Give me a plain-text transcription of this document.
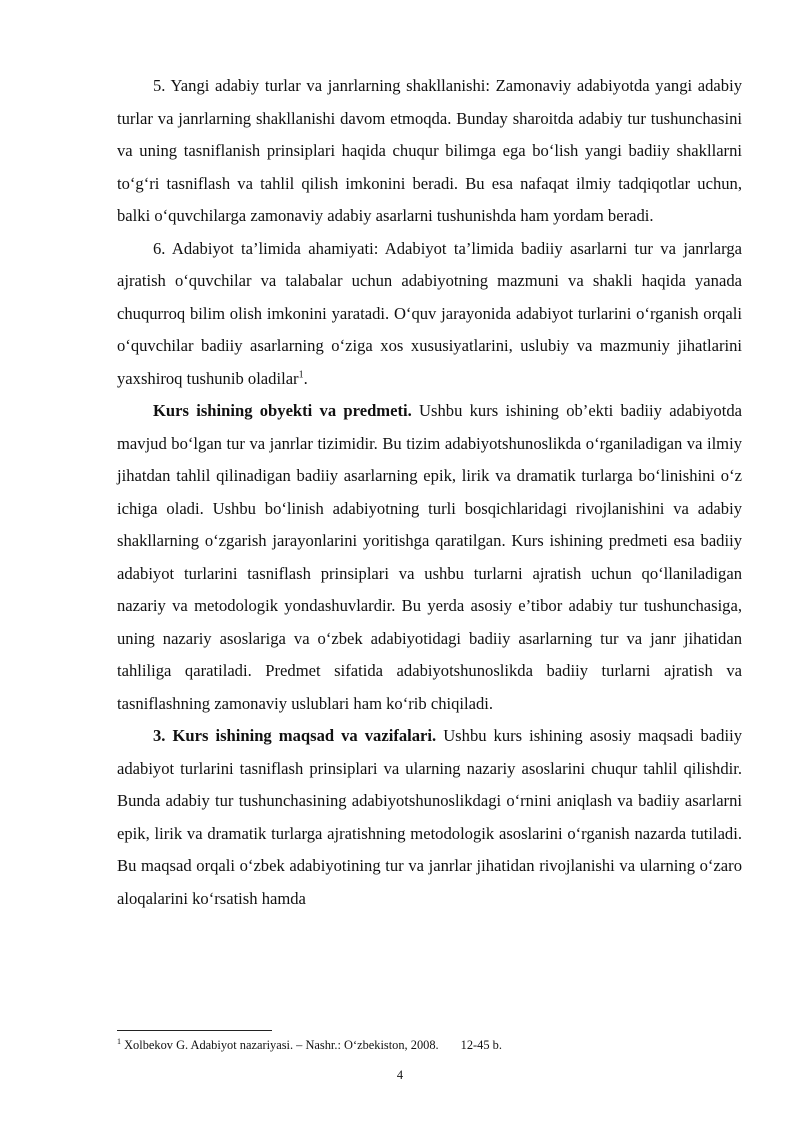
5. Yangi adabiy turlar va janrlarning shakllanishi: Zamonaviy adabiyotda yangi adabiy turlar va janrlarning shakllanishi davom etmoqda. Bunday sharoitda adabiy tur tushunchasini va uning tasniflanish prinsiplari haqida chuqur bilimga ega bo‘lish yangi badiiy shakllarni to‘g‘ri tasniflash va tahlil qilish imkonini beradi. Bu esa nafaqat ilmiy tadqiqotlar uchun, balki o‘quvchilarga zamonaviy adabiy asarlarni tushunishda ham yordam beradi.

6. Adabiyot ta’limida ahamiyati: Adabiyot ta’limida badiiy asarlarni tur va janrlarga ajratish o‘quvchilar va talabalar uchun adabiyotning mazmuni va shakli haqida yanada chuqurroq bilim olish imkonini yaratadi. O‘quv jarayonida adabiyot turlarini o‘rganish orqali o‘quvchilar badiiy asarlarning o‘ziga xos xususiyatlarini, uslubiy va mazmuniy jihatlarini yaxshiroq tushunib oladilar$^1$.

Kurs ishining obyekti va predmeti. Ushbu kurs ishining ob’ekti badiiy adabiyotda mavjud bo‘lgan tur va janrlar tizimidir. Bu tizim adabiyotshunoslikda o‘rganiladigan va ilmiy jihatdan tahlil qilinadigan badiiy asarlarning epik, lirik va dramatik turlarga bo‘linishini o‘z ichiga oladi. Ushbu bo‘linish adabiyotning turli bosqichlaridagi rivojlanishini va adabiy shakllarning o‘zgarish jarayonlarini yoritishga qaratilgan. Kurs ishining predmeti esa badiiy adabiyot turlarini tasniflash prinsiplari va ushbu turlarni ajratish uchun qo‘llaniladigan nazariy va metodologik yondashuvlardir. Bu yerda asosiy e’tibor adabiy tur tushunchasiga, uning nazariy asoslariga va o‘zbek adabiyotidagi badiiy asarlarning tur va janr jihatidan tahliliga qaratiladi. Predmet sifatida adabiyotshunoslikda badiiy turlarni ajratish va tasniflashning zamonaviy uslublari ham ko‘rib chiqiladi.

3. Kurs ishining maqsad va vazifalari. Ushbu kurs ishining asosiy maqsadi badiiy adabiyot turlarini tasniflash prinsiplari va ularning nazariy asoslarini chuqur tahlil qilishdir. Bunda adabiy tur tushunchasining adabiyotshunoslikdagi o‘rnini aniqlash va badiiy asarlarni epik, lirik va dramatik turlarga ajratishning metodologik asoslarini o‘rganish nazarda tutiladi. Bu maqsad orqali o‘zbek adabiyotining tur va janrlar jihatidan rivojlanishi va ularning o‘zaro aloqalarini ko‘rsatish hamda

$^1$ Xolbekov G. Adabiyot nazariyasi. – Nashr.: O‘zbekiston, 2008. 12-45 b.
4
